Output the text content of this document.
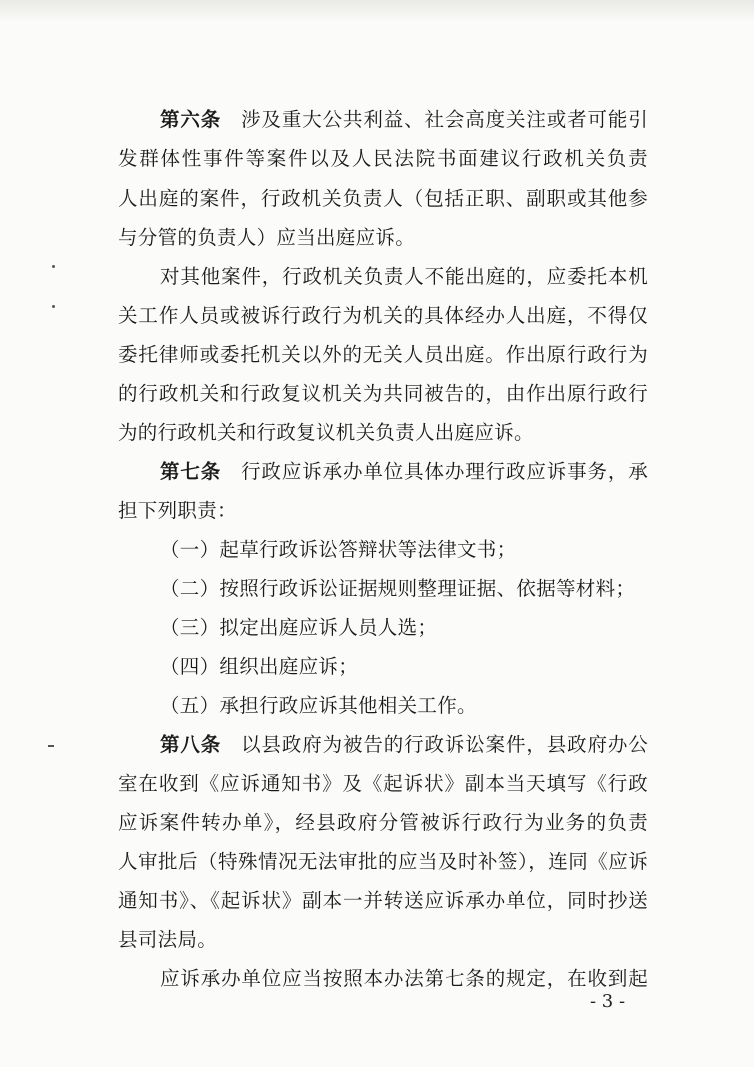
第六条 涉及重大公共利益、社会高度关注或者可能引
发群体性事件等案件以及人民法院书面建议行政机关负责
人出庭的案件，行政机关负责人（包括正职、副职或其他参
与分管的负责人）应当出庭应诉。
对其他案件，行政机关负责人不能出庭的，应委托本机
关工作人员或被诉行政行为机关的具体经办人出庭，不得仅
委托律师或委托机关以外的无关人员出庭。作出原行政行为
的行政机关和行政复议机关为共同被告的，由作出原行政行
为的行政机关和行政复议机关负责人出庭应诉。
第七条 行政应诉承办单位具体办理行政应诉事务，承
担下列职责：
（一）起草行政诉讼答辩状等法律文书；
（二）按照行政诉讼证据规则整理证据、依据等材料；
（三）拟定出庭应诉人员人选；
（四）组织出庭应诉；
（五）承担行政应诉其他相关工作。
第八条 以县政府为被告的行政诉讼案件，县政府办公
室在收到《应诉通知书》及《起诉状》副本当天填写《行政
应诉案件转办单》，经县政府分管被诉行政行为业务的负责
人审批后（特殊情况无法审批的应当及时补签），连同《应诉
通知书》、《起诉状》副本一并转送应诉承办单位，同时抄送
县司法局。
应诉承办单位应当按照本办法第七条的规定，在收到起
- 3 -
